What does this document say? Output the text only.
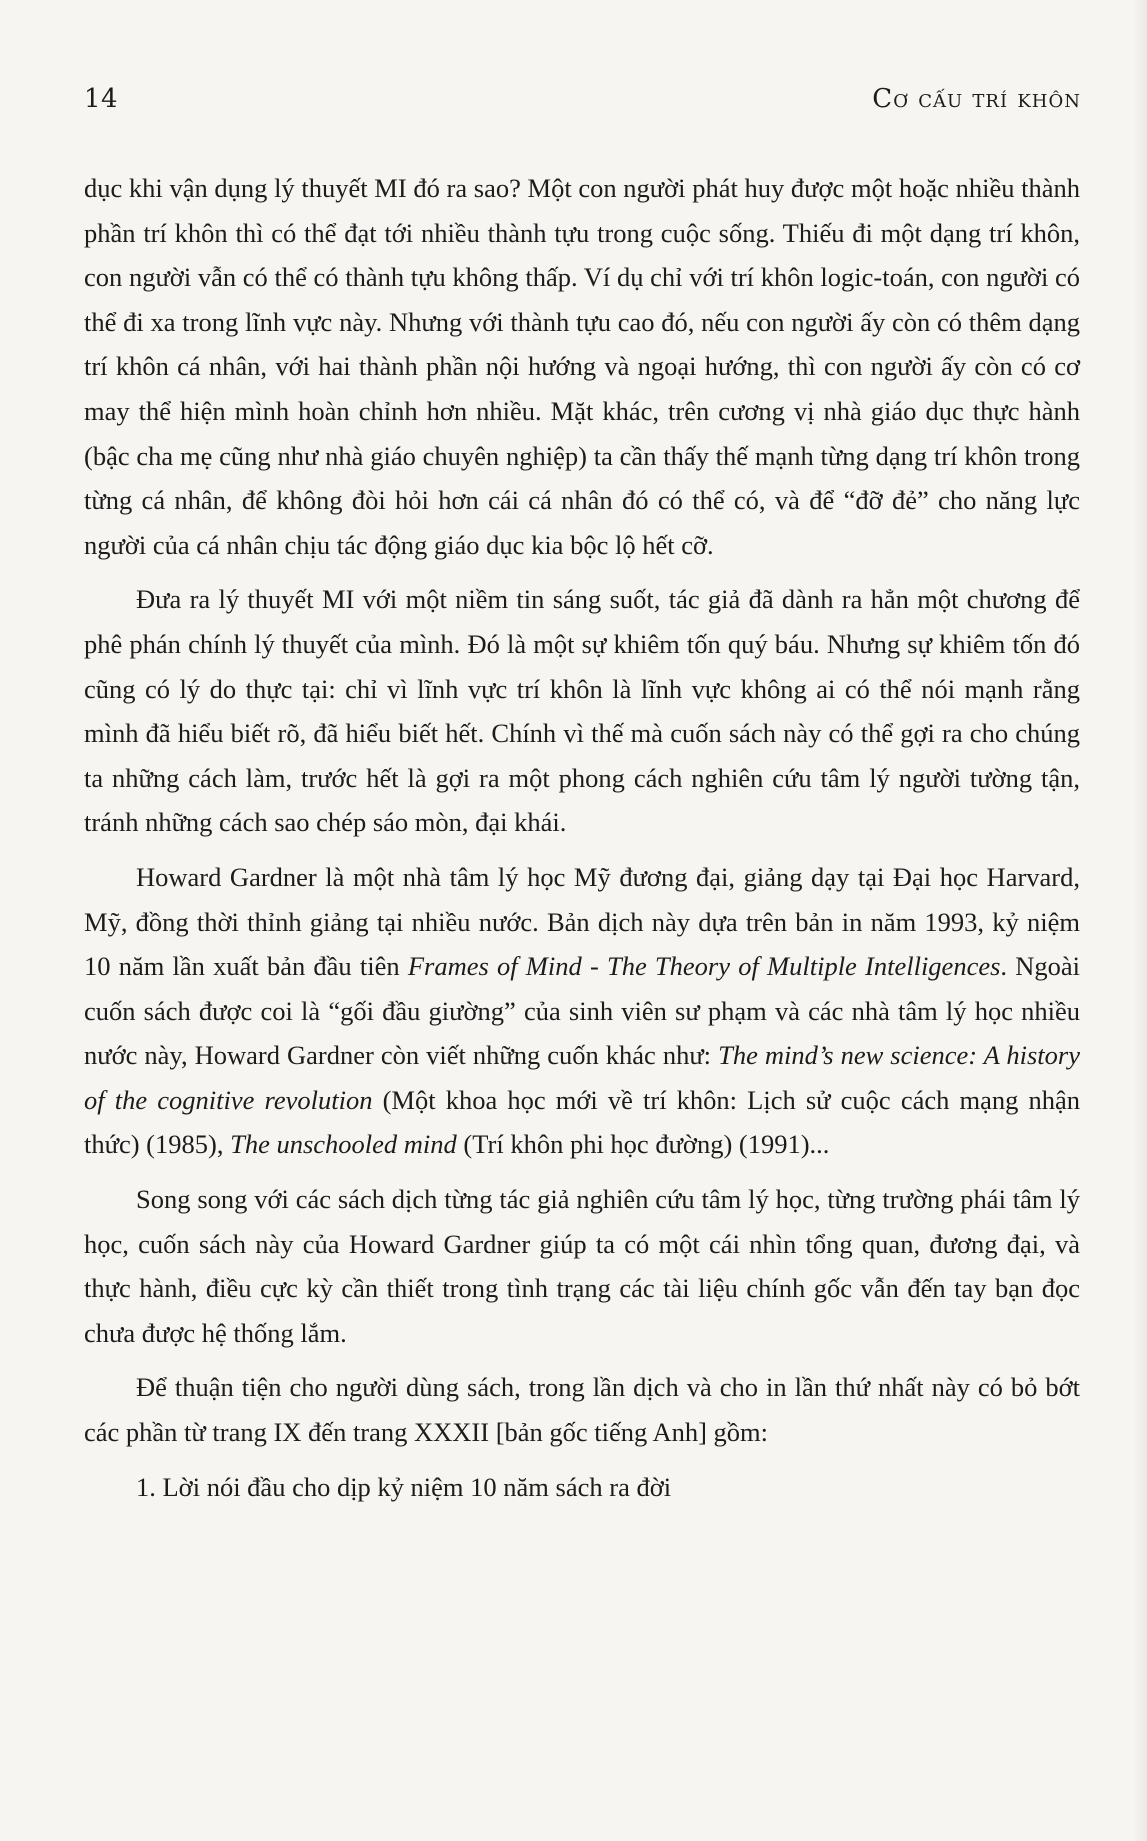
14	Cơ cấu trí khôn

dục khi vận dụng lý thuyết MI đó ra sao? Một con người phát huy được một hoặc nhiều thành phần trí khôn thì có thể đạt tới nhiều thành tựu trong cuộc sống. Thiếu đi một dạng trí khôn, con người vẫn có thể có thành tựu không thấp. Ví dụ chỉ với trí khôn logic-toán, con người có thể đi xa trong lĩnh vực này. Nhưng với thành tựu cao đó, nếu con người ấy còn có thêm dạng trí khôn cá nhân, với hai thành phần nội hướng và ngoại hướng, thì con người ấy còn có cơ may thể hiện mình hoàn chỉnh hơn nhiều. Mặt khác, trên cương vị nhà giáo dục thực hành (bậc cha mẹ cũng như nhà giáo chuyên nghiệp) ta cần thấy thế mạnh từng dạng trí khôn trong từng cá nhân, để không đòi hỏi hơn cái cá nhân đó có thể có, và để “đỡ đẻ” cho năng lực người của cá nhân chịu tác động giáo dục kia bộc lộ hết cỡ.

Đưa ra lý thuyết MI với một niềm tin sáng suốt, tác giả đã dành ra hẳn một chương để phê phán chính lý thuyết của mình. Đó là một sự khiêm tốn quý báu. Nhưng sự khiêm tốn đó cũng có lý do thực tại: chỉ vì lĩnh vực trí khôn là lĩnh vực không ai có thể nói mạnh rằng mình đã hiểu biết rõ, đã hiểu biết hết. Chính vì thế mà cuốn sách này có thể gợi ra cho chúng ta những cách làm, trước hết là gợi ra một phong cách nghiên cứu tâm lý người tường tận, tránh những cách sao chép sáo mòn, đại khái.

Howard Gardner là một nhà tâm lý học Mỹ đương đại, giảng dạy tại Đại học Harvard, Mỹ, đồng thời thỉnh giảng tại nhiều nước. Bản dịch này dựa trên bản in năm 1993, kỷ niệm 10 năm lần xuất bản đầu tiên Frames of Mind - The Theory of Multiple Intelligences. Ngoài cuốn sách được coi là “gối đầu giường” của sinh viên sư phạm và các nhà tâm lý học nhiều nước này, Howard Gardner còn viết những cuốn khác như: The mind’s new science: A history of the cognitive revolution (Một khoa học mới về trí khôn: Lịch sử cuộc cách mạng nhận thức) (1985), The unschooled mind (Trí khôn phi học đường) (1991)...

Song song với các sách dịch từng tác giả nghiên cứu tâm lý học, từng trường phái tâm lý học, cuốn sách này của Howard Gardner giúp ta có một cái nhìn tổng quan, đương đại, và thực hành, điều cực kỳ cần thiết trong tình trạng các tài liệu chính gốc vẫn đến tay bạn đọc chưa được hệ thống lắm.

Để thuận tiện cho người dùng sách, trong lần dịch và cho in lần thứ nhất này có bỏ bớt các phần từ trang IX đến trang XXXII [bản gốc tiếng Anh] gồm:

1. Lời nói đầu cho dịp kỷ niệm 10 năm sách ra đời
